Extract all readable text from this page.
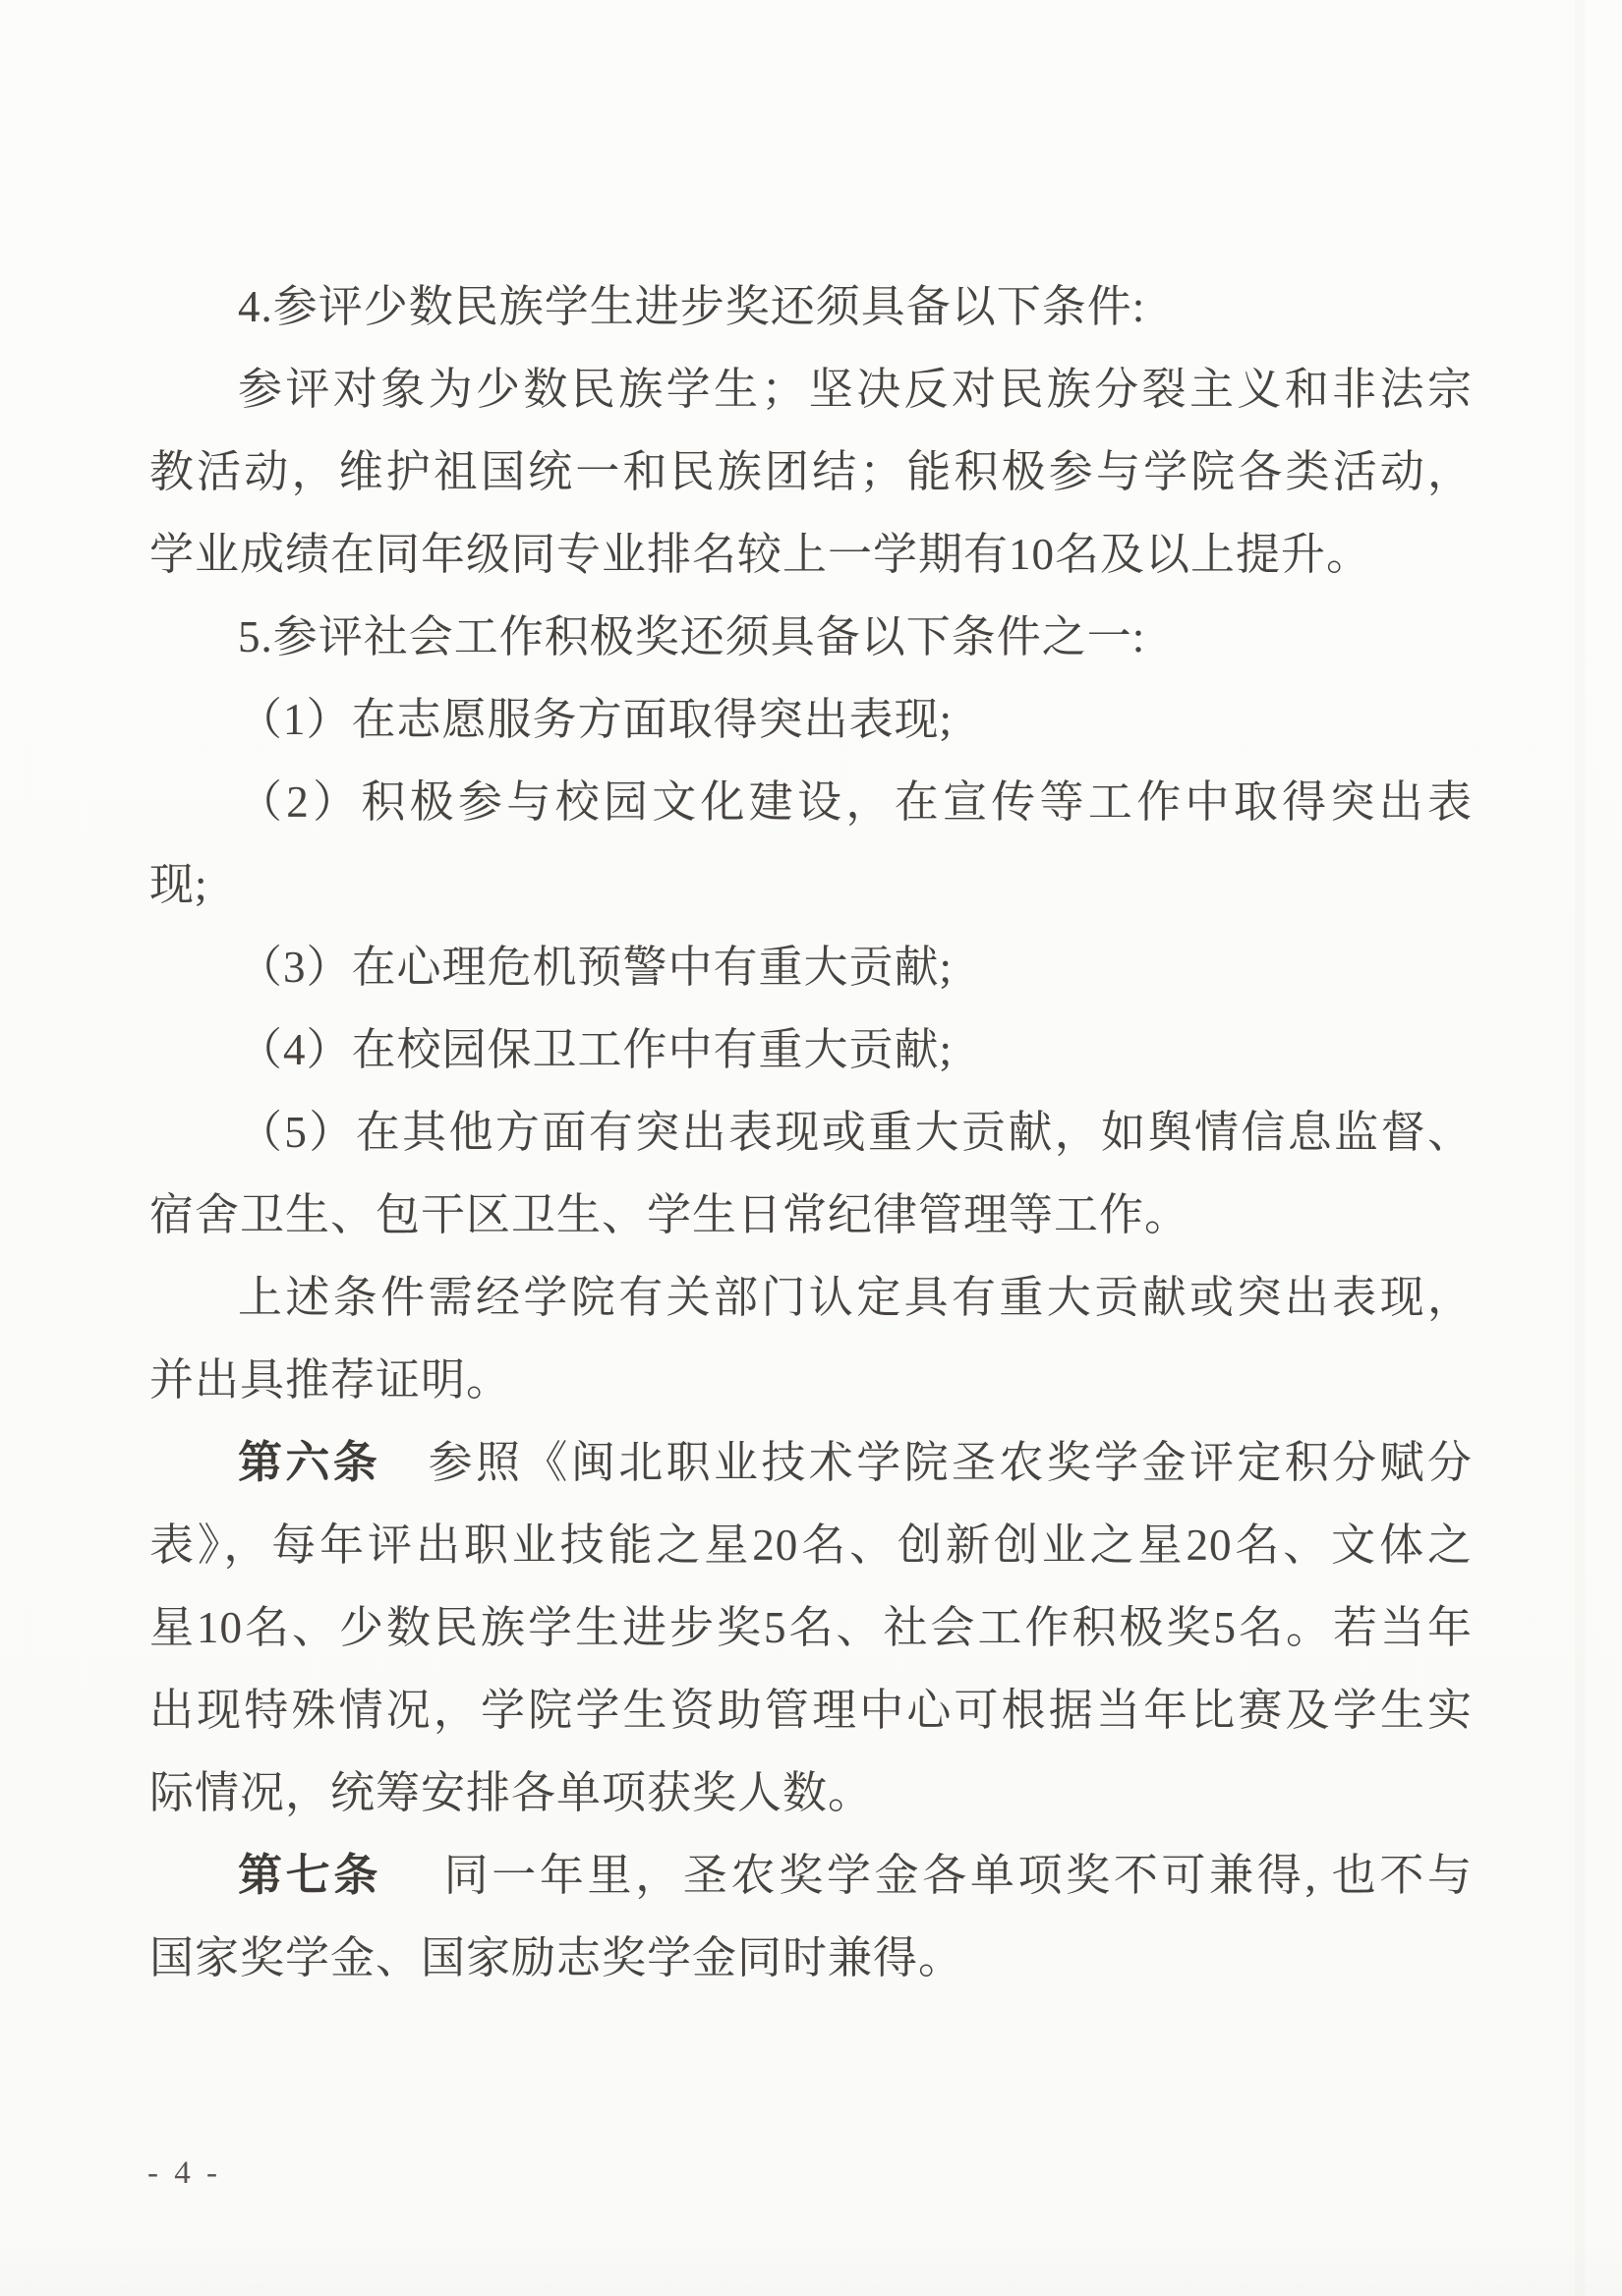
4.参评少数民族学生进步奖还须具备以下条件:
参评对象为少数民族学生；坚决反对民族分裂主义和非法宗
教活动，维护祖国统一和民族团结；能积极参与学院各类活动，
学业成绩在同年级同专业排名较上一学期有10名及以上提升。
5.参评社会工作积极奖还须具备以下条件之一:
（1）在志愿服务方面取得突出表现;
（2）积极参与校园文化建设，在宣传等工作中取得突出表
现;
（3）在心理危机预警中有重大贡献;
（4）在校园保卫工作中有重大贡献;
（5）在其他方面有突出表现或重大贡献，如舆情信息监督、
宿舍卫生、包干区卫生、学生日常纪律管理等工作。
上述条件需经学院有关部门认定具有重大贡献或突出表现，
并出具推荐证明。
第六条　参照《闽北职业技术学院圣农奖学金评定积分赋分
表》，每年评出职业技能之星20名、创新创业之星20名、文体之
星10名、少数民族学生进步奖5名、社会工作积极奖5名。若当年
出现特殊情况，学院学生资助管理中心可根据当年比赛及学生实
际情况，统筹安排各单项获奖人数。
第七条　 同一年里，圣农奖学金各单项奖不可兼得, 也不与
国家奖学金、国家励志奖学金同时兼得。
- 4 -
